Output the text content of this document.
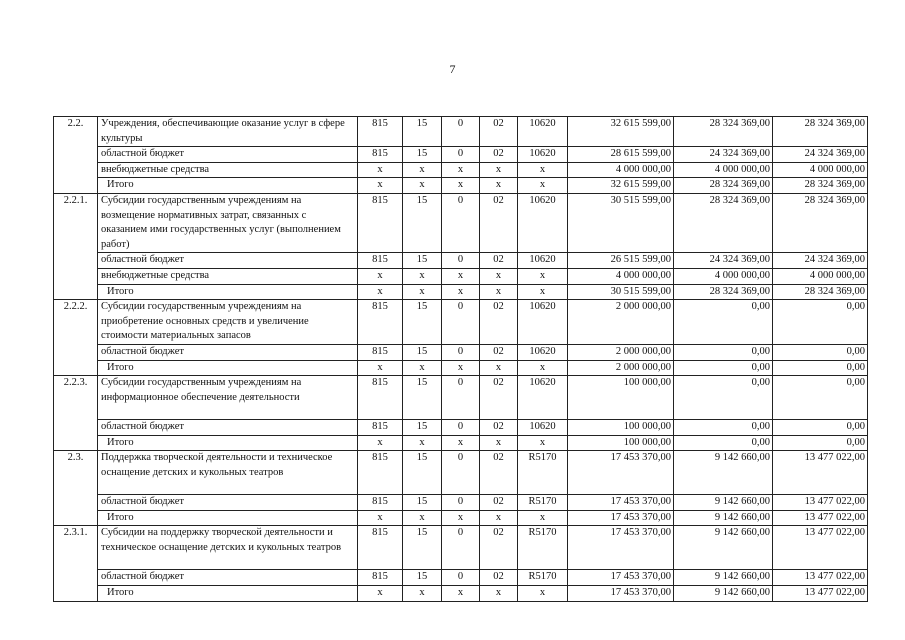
7
2.2.	Учреждения, обеспечивающие оказание услуг в сфере культуры	815	15	0	02	10620	32 615 599,00	28 324 369,00	28 324 369,00
	областной бюджет	815	15	0	02	10620	28 615 599,00	24 324 369,00	24 324 369,00
	внебюджетные средства	х	х	х	х	х	4 000 000,00	4 000 000,00	4 000 000,00
	Итого	х	х	х	х	х	32 615 599,00	28 324 369,00	28 324 369,00
2.2.1.	Субсидии государственным учреждениям на возмещение нормативных затрат, связанных с оказанием ими государственных услуг (выполнением работ)	815	15	0	02	10620	30 515 599,00	28 324 369,00	28 324 369,00
	областной бюджет	815	15	0	02	10620	26 515 599,00	24 324 369,00	24 324 369,00
	внебюджетные средства	х	х	х	х	х	4 000 000,00	4 000 000,00	4 000 000,00
	Итого	х	х	х	х	х	30 515 599,00	28 324 369,00	28 324 369,00
2.2.2.	Субсидии государственным учреждениям на приобретение основных средств и увеличение стоимости материальных запасов	815	15	0	02	10620	2 000 000,00	0,00	0,00
	областной бюджет	815	15	0	02	10620	2 000 000,00	0,00	0,00
	Итого	х	х	х	х	х	2 000 000,00	0,00	0,00
2.2.3.	Субсидии государственным учреждениям на информационное обеспечение деятельности	815	15	0	02	10620	100 000,00	0,00	0,00
	областной бюджет	815	15	0	02	10620	100 000,00	0,00	0,00
	Итого	х	х	х	х	х	100 000,00	0,00	0,00
2.3.	Поддержка творческой деятельности и техническое оснащение детских и кукольных театров	815	15	0	02	R5170	17 453 370,00	9 142 660,00	13 477 022,00
	областной бюджет	815	15	0	02	R5170	17 453 370,00	9 142 660,00	13 477 022,00
	Итого	х	х	х	х	х	17 453 370,00	9 142 660,00	13 477 022,00
2.3.1.	Субсидии на поддержку творческой деятельности и техническое оснащение детских и кукольных театров	815	15	0	02	R5170	17 453 370,00	9 142 660,00	13 477 022,00
	областной бюджет	815	15	0	02	R5170	17 453 370,00	9 142 660,00	13 477 022,00
	Итого	х	х	х	х	х	17 453 370,00	9 142 660,00	13 477 022,00
